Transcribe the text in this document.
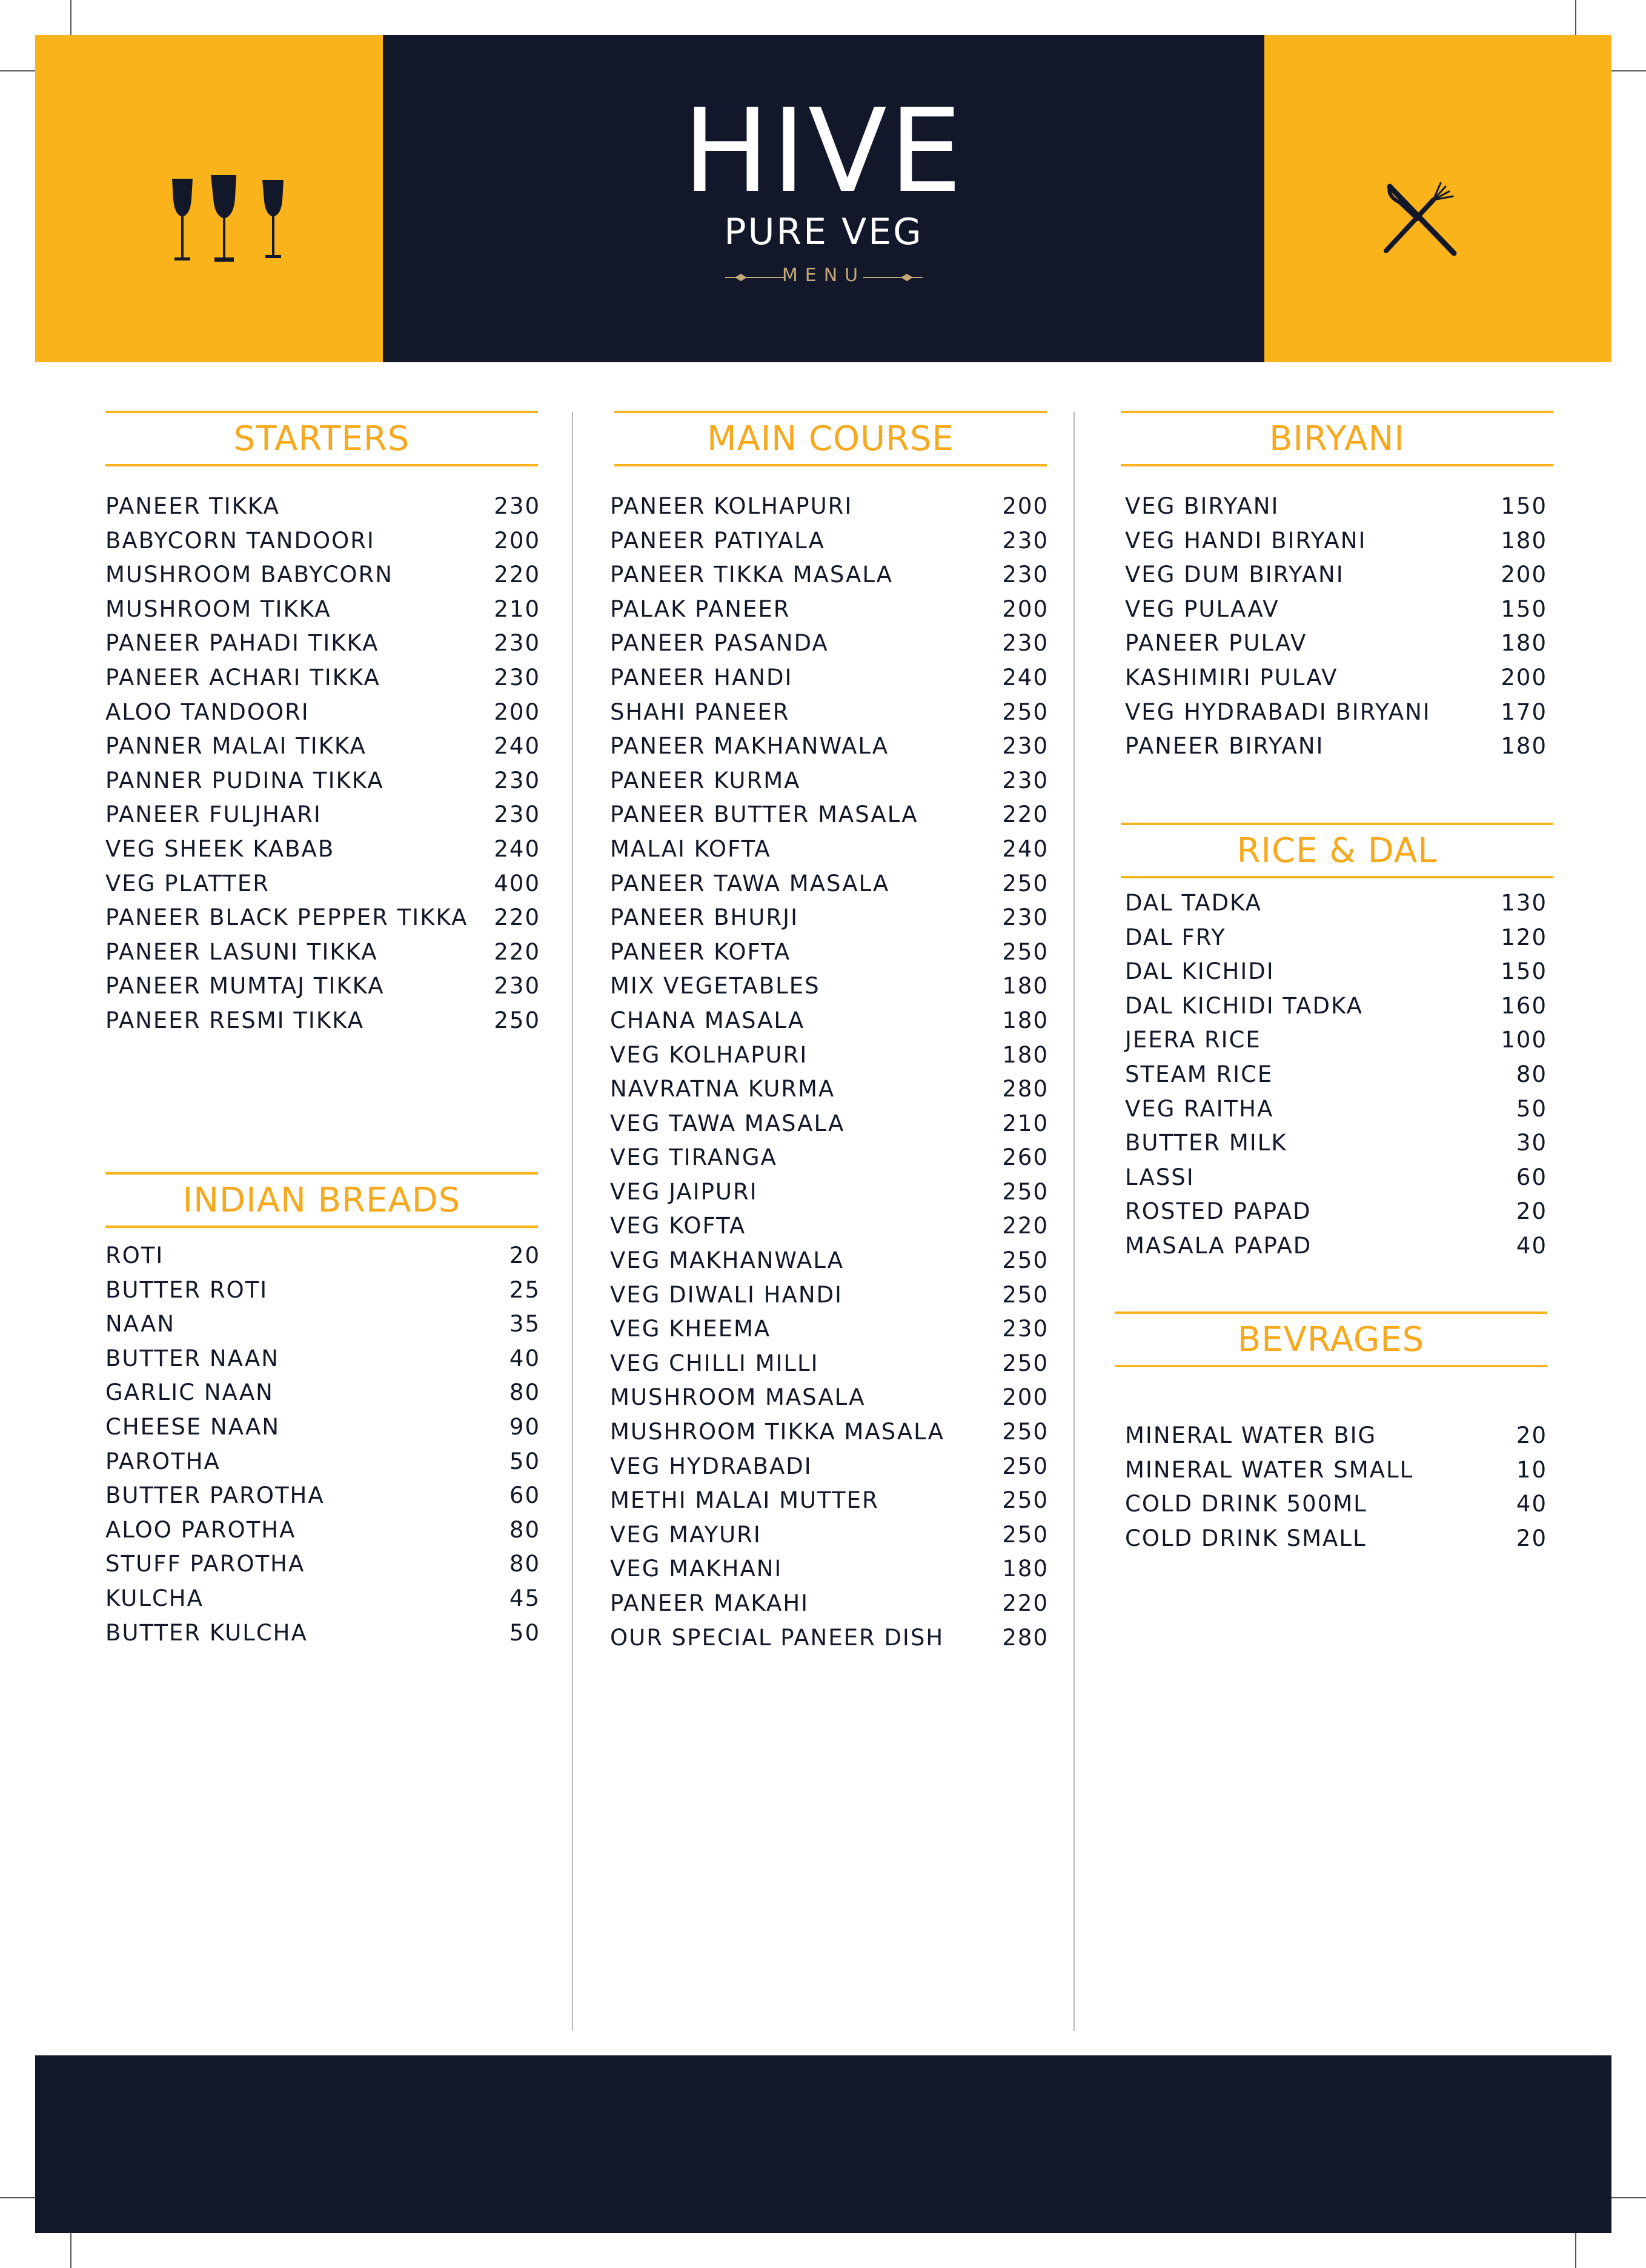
HIVE
PURE VEG
MENU
STARTERS
PANEER TIKKA	230
BABYCORN TANDOORI	200
MUSHROOM BABYCORN	220
MUSHROOM TIKKA	210
PANEER PAHADI TIKKA	230
PANEER ACHARI TIKKA	230
ALOO TANDOORI	200
PANNER MALAI TIKKA	240
PANNER PUDINA TIKKA	230
PANEER FULJHARI	230
VEG SHEEK KABAB	240
VEG PLATTER	400
PANEER BLACK PEPPER TIKKA 220
PANEER LASUNI TIKKA	220
PANEER MUMTAJ TIKKA	230
PANEER RESMI TIKKA	250
INDIAN BREADS
ROTI	20
BUTTER ROTI	25
NAAN	35
BUTTER NAAN	40
GARLIC NAAN	80
CHEESE NAAN	90
PAROTHA	50
BUTTER PAROTHA	60
ALOO PAROTHA	80
STUFF PAROTHA	80
KULCHA	45
BUTTER KULCHA	50
MAIN COURSE
PANEER KOLHAPURI	200
PANEER PATIYALA	230
PANEER TIKKA MASALA	230
PALAK PANEER	200
PANEER PASANDA	230
PANEER HANDI	240
SHAHI PANEER	250
PANEER MAKHANWALA	230
PANEER KURMA	230
PANEER BUTTER MASALA	220
MALAI KOFTA	240
PANEER TAWA MASALA	250
PANEER BHURJI	230
PANEER KOFTA	250
MIX VEGETABLES	180
CHANA MASALA	180
VEG KOLHAPURI	180
NAVRATNA KURMA	280
VEG TAWA MASALA	210
VEG TIRANGA	260
VEG JAIPURI	250
VEG KOFTA	220
VEG MAKHANWALA	250
VEG DIWALI HANDI	250
VEG KHEEMA	230
VEG CHILLI MILLI	250
MUSHROOM MASALA	200
MUSHROOM TIKKA MASALA	250
VEG HYDRABADI	250
METHI MALAI MUTTER	250
VEG MAYURI	250
VEG MAKHANI	180
PANEER MAKAHI	220
OUR SPECIAL PANEER DISH	280
BIRYANI
VEG BIRYANI	150
VEG HANDI BIRYANI	180
VEG DUM BIRYANI	200
VEG PULAAV	150
PANEER PULAV	180
KASHIMIRI PULAV	200
VEG HYDRABADI BIRYANI	170
PANEER BIRYANI	180
RICE & DAL
DAL TADKA	130
DAL FRY	120
DAL KICHIDI	150
DAL KICHIDI TADKA	160
JEERA RICE	100
STEAM RICE	80
VEG RAITHA	50
BUTTER MILK	30
LASSI	60
ROSTED PAPAD	20
MASALA PAPAD	40
BEVRAGES
MINERAL WATER BIG	20
MINERAL WATER SMALL	10
COLD DRINK 500ML	40
COLD DRINK SMALL	20
